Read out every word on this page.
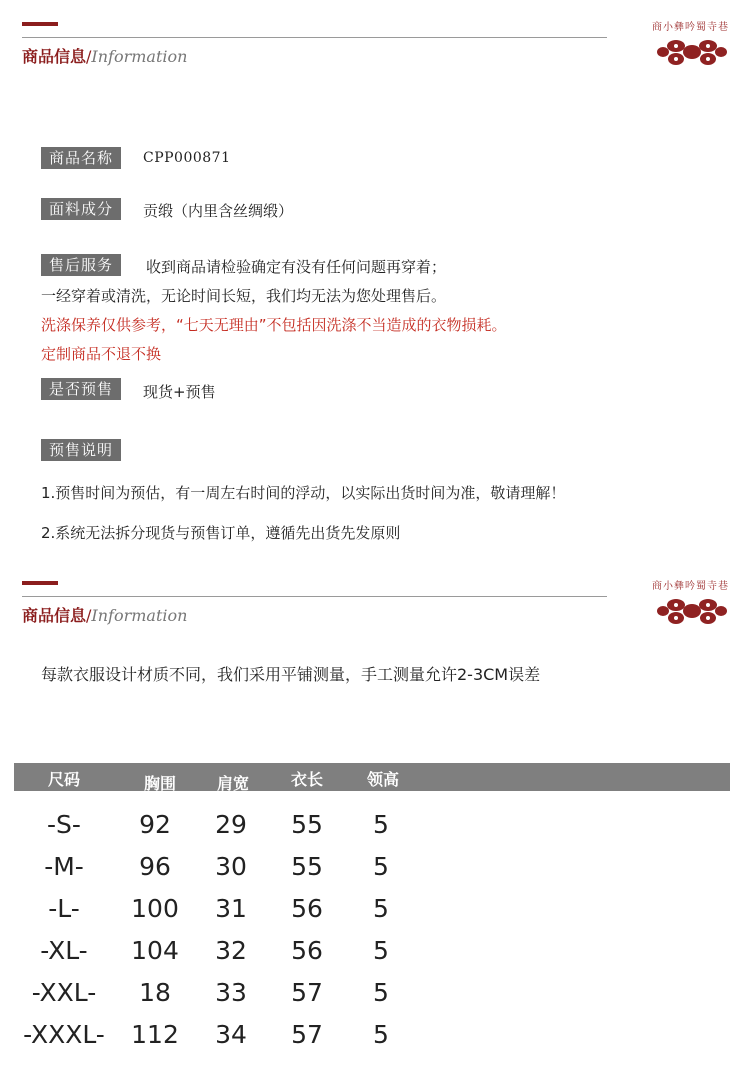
商品信息/Information
商小彝吟蜀寺巷
商品名称	CPP000871
面料成分	贡缎（内里含丝绸缎）
售后服务	收到商品请检验确定有没有任何问题再穿着；
一经穿着或清洗，无论时间长短，我们均无法为您处理售后。
洗涤保养仅供参考，“七天无理由”不包括因洗涤不当造成的衣物损耗。
定制商品不退不换
是否预售	现货+预售
预售说明
1.预售时间为预估，有一周左右时间的浮动，以实际出货时间为准，敬请理解！
2.系统无法拆分现货与预售订单，遵循先出货先发原则
商品信息/Information
商小彝吟蜀寺巷
每款衣服设计材质不同，我们采用平铺测量，手工测量允许2-3CM误差
尺码	胸围	肩宽	衣长	领高
-S- 92 29 55 5
-M- 96 30 55 5
-L- 100 31 56 5
-XL- 104 32 56 5
-XXL- 18 33 57 5
-XXXL- 112 34 57 5
